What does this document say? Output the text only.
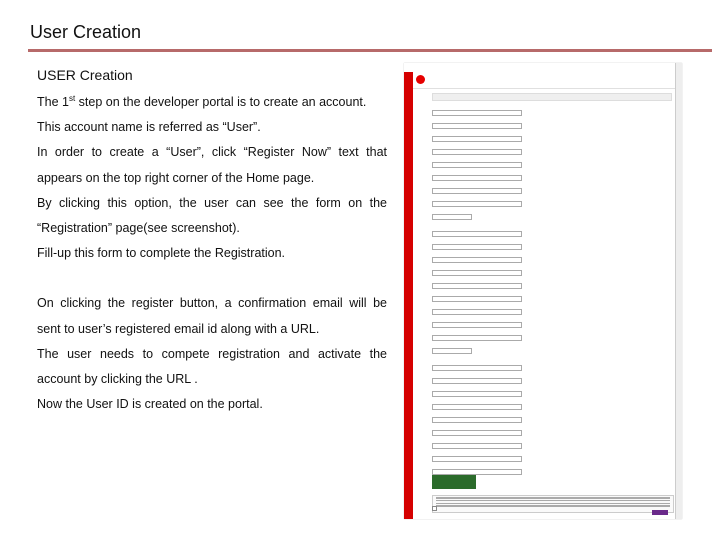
User Creation
USER Creation

The 1st step on the developer portal is to create an account.

This account name is referred as “User”.

In order to create a “User”, click “Register Now” text that

appears on the top right corner of the Home page.

By clicking this option, the user can see the form on the

“Registration” page(see screenshot).

Fill-up this form to complete the Registration.

On clicking the register button, a confirmation email will be

sent to user’s registered email id along with a URL.

The user needs to compete registration and activate the

account by clicking the URL .

Now the User ID is created on the portal.
